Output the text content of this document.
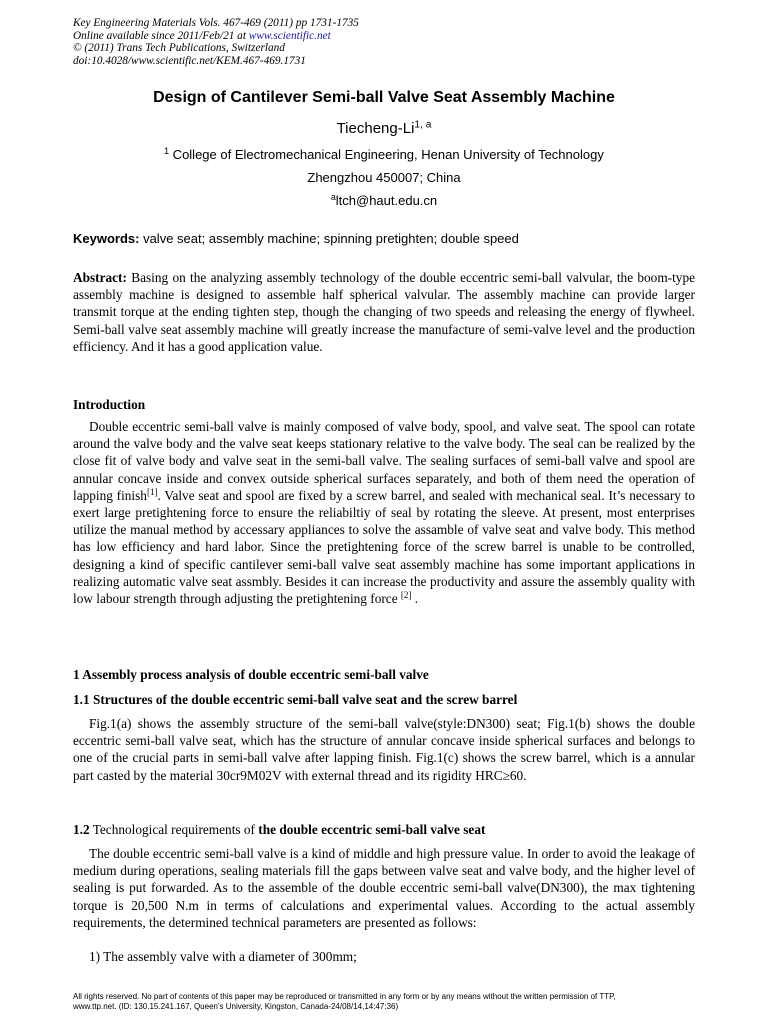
Key Engineering Materials Vols. 467-469 (2011) pp 1731-1735
Online available since 2011/Feb/21 at www.scientific.net
© (2011) Trans Tech Publications, Switzerland
doi:10.4028/www.scientific.net/KEM.467-469.1731
Design of Cantilever Semi-ball Valve Seat Assembly Machine
Tiecheng-Li$^{1, a}$
$^1$ College of Electromechanical Engineering, Henan University of Technology
Zhengzhou 450007; China
$^a$ltch@haut.edu.cn
Keywords: valve seat; assembly machine; spinning pretighten; double speed
Abstract: Basing on the analyzing assembly technology of the double eccentric semi-ball valvular, the boom-type assembly machine is designed to assemble half spherical valvular. The assembly machine can provide larger transmit torque at the ending tighten step, though the changing of two speeds and releasing the energy of flywheel. Semi-ball valve seat assembly machine will greatly increase the manufacture of semi-valve level and the production efficiency. And it has a good application value.
Introduction
Double eccentric semi-ball valve is mainly composed of valve body, spool, and valve seat. The spool can rotate around the valve body and the valve seat keeps stationary relative to the valve body. The seal can be realized by the close fit of valve body and valve seat in the semi-ball valve. The sealing surfaces of semi-ball valve and spool are annular concave inside and convex outside spherical surfaces separately, and both of them need the operation of lapping finish[1]. Valve seat and spool are fixed by a screw barrel, and sealed with mechanical seal. It’s necessary to exert large pretightening force to ensure the reliabiltiy of seal by rotating the sleeve. At present, most enterprises utilize the manual method by accessary appliances to solve the assamble of valve seat and valve body. This method has low efficiency and hard labor. Since the pretightening force of the screw barrel is unable to be controlled, designing a kind of specific cantilever semi-ball valve seat assembly machine has some important applications in realizing automatic valve seat assmbly. Besides it can increase the productivity and assure the assembly quality with low labour strength through adjusting the pretightening force [2] .
1 Assembly process analysis of double eccentric semi-ball valve
1.1 Structures of the double eccentric semi-ball valve seat and the screw barrel
Fig.1(a) shows the assembly structure of the semi-ball valve(style:DN300) seat; Fig.1(b) shows the double eccentric semi-ball valve seat, which has the structure of annular concave inside spherical surfaces and belongs to one of the crucial parts in semi-ball valve after lapping finish. Fig.1(c) shows the screw barrel, which is a annular part casted by the material 30cr9M02V with external thread and its rigidity HRC≥60.
1.2 Technological requirements of the double eccentric semi-ball valve seat
The double eccentric semi-ball valve is a kind of middle and high pressure value. In order to avoid the leakage of medium during operations, sealing materials fill the gaps between valve seat and valve body, and the higher level of sealing is put forwarded. As to the assemble of the double eccentric semi-ball valve(DN300), the max tightening torque is 20,500 N.m in terms of calculations and experimental values. According to the actual assembly requirements, the determined technical parameters are presented as follows:
1) The assembly valve with a diameter of 300mm;
All rights reserved. No part of contents of this paper may be reproduced or transmitted in any form or by any means without the written permission of TTP,
www.ttp.net. (ID: 130.15.241.167, Queen's University, Kingston, Canada-24/08/14,14:47:36)
